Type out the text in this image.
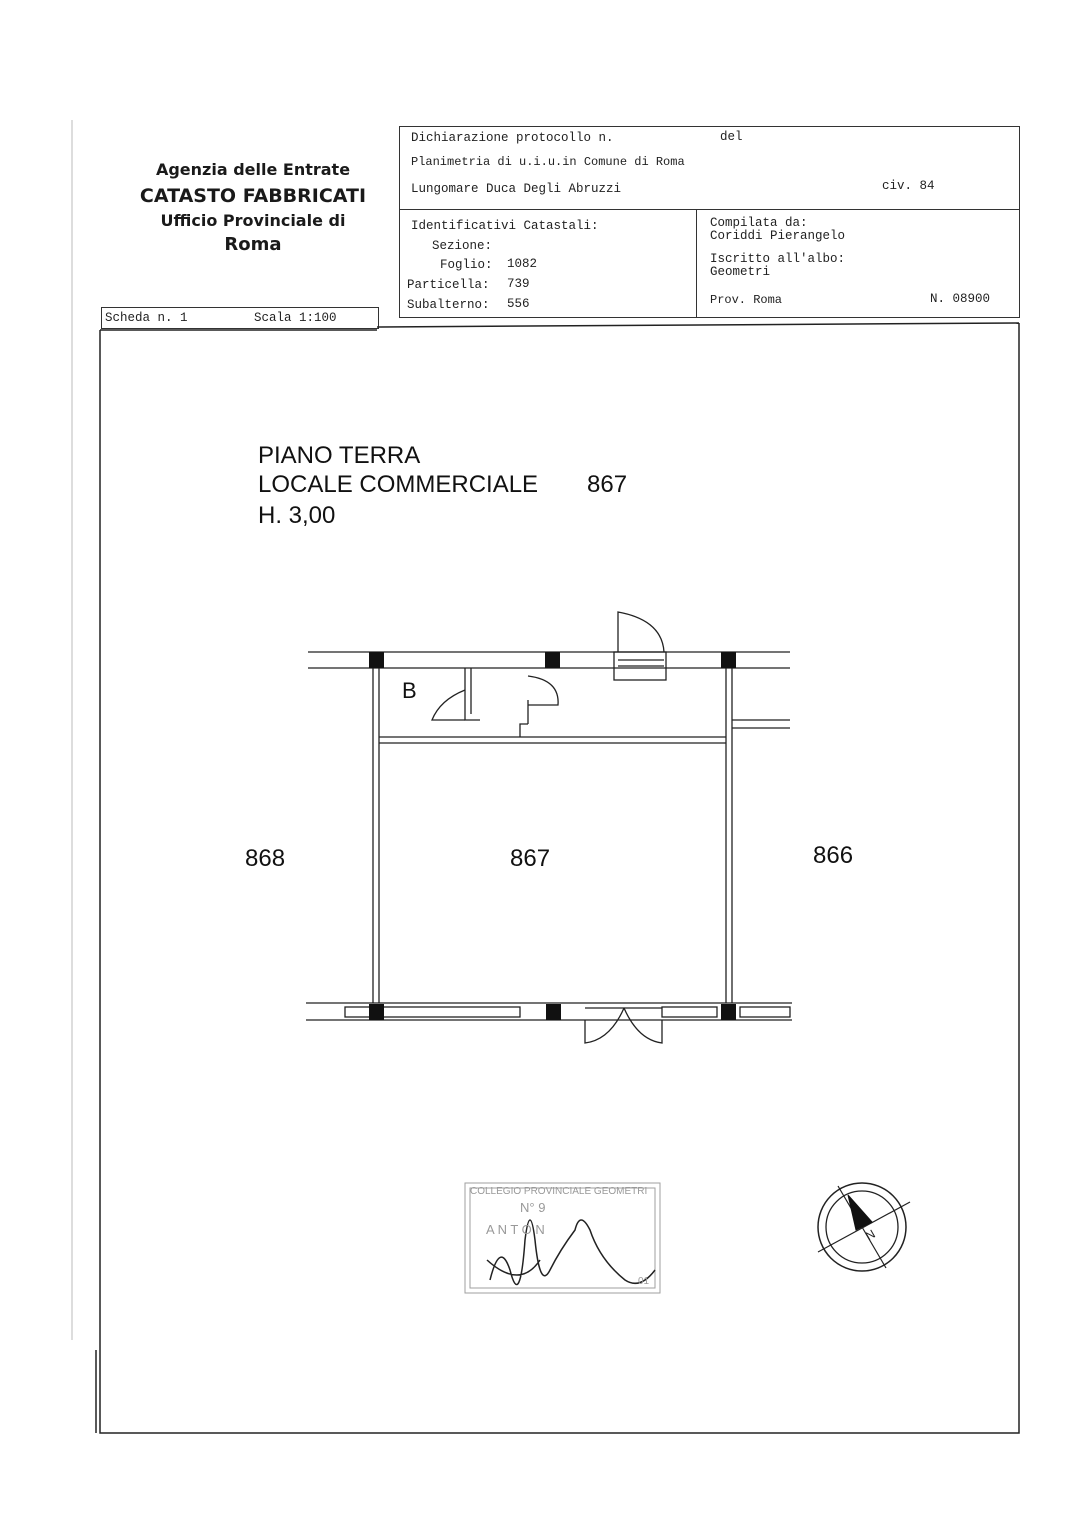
Agenzia delle Entrate
CATASTO FABBRICATI
Ufficio Provinciale di
Roma
Dichiarazione protocollo n.	del
Planimetria di u.i.u.in Comune di Roma
Lungomare Duca Degli Abruzzi	civ. 84
Identificativi Catastali:
Sezione:
Foglio: 1082
Particella: 739
Subalterno: 556
Compilata da:
Coriddi Pierangelo
Iscritto all'albo:
Geometri
Prov. Roma	N. 08900
Scheda n. 1	Scala 1:100
PIANO TERRA
LOCALE COMMERCIALE 867
H. 3,00
B
868	867	866
COLLEGIO PROVINCIALE GEOMETRI
N° 9
A N T O N
01
N
